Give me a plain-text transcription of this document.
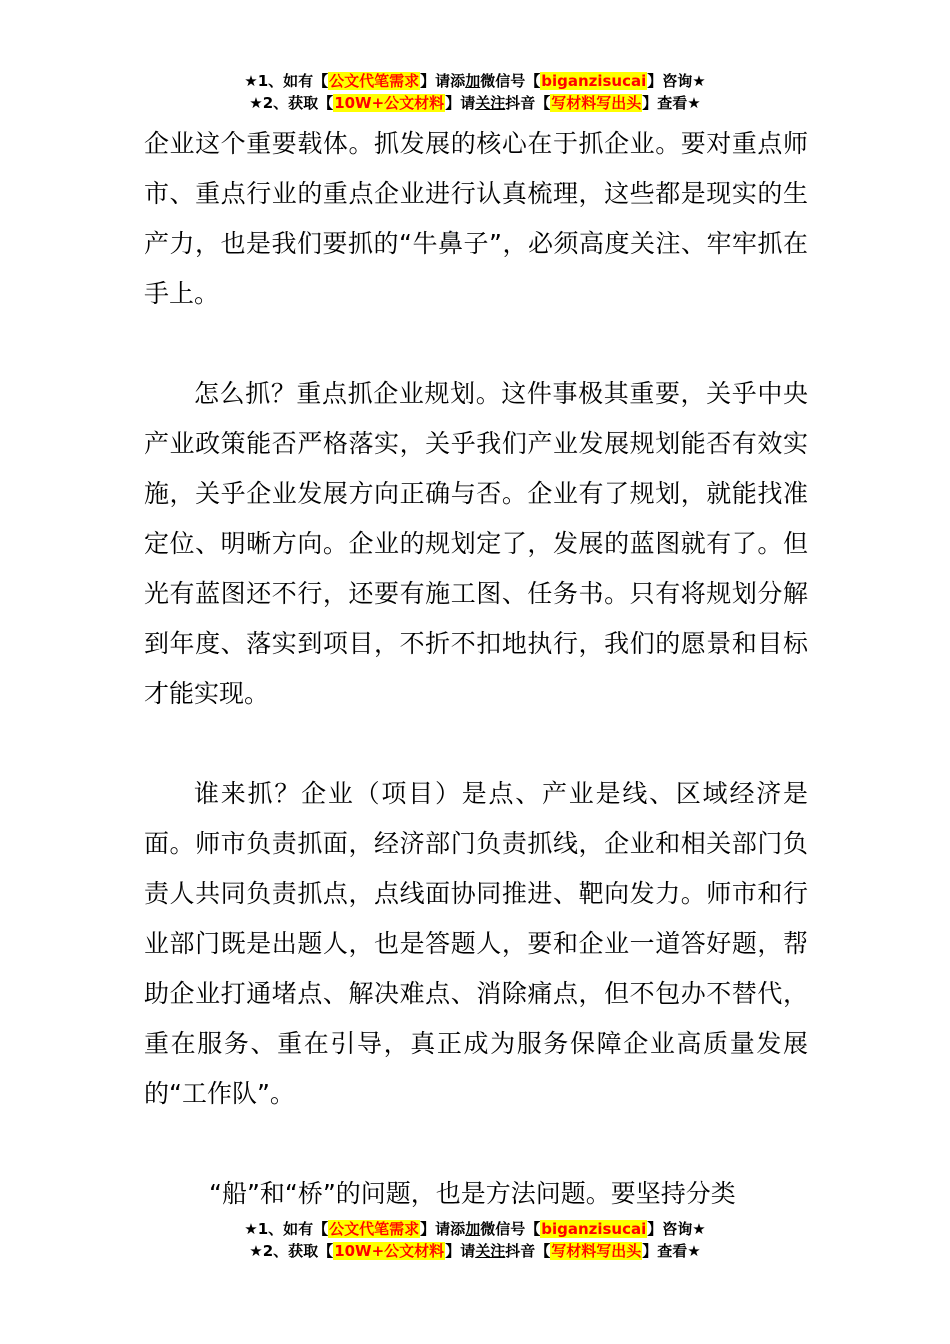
★1、如有【公文代笔需求】请添加微信号【biganzisucai】咨询★
★2、获取【10W+公文材料】请关注抖音【写材料写出头】查看★

企业这个重要载体。抓发展的核心在于抓企业。要对重点师市、重点行业的重点企业进行认真梳理，这些都是现实的生产力，也是我们要抓的“牛鼻子”，必须高度关注、牢牢抓在手上。

怎么抓？重点抓企业规划。这件事极其重要，关乎中央产业政策能否严格落实，关乎我们产业发展规划能否有效实施，关乎企业发展方向正确与否。企业有了规划，就能找准定位、明晰方向。企业的规划定了，发展的蓝图就有了。但光有蓝图还不行，还要有施工图、任务书。只有将规划分解到年度、落实到项目，不折不扣地执行，我们的愿景和目标才能实现。

谁来抓？企业（项目）是点、产业是线、区域经济是面。师市负责抓面，经济部门负责抓线，企业和相关部门负责人共同负责抓点，点线面协同推进、靶向发力。师市和行业部门既是出题人，也是答题人，要和企业一道答好题，帮助企业打通堵点、解决难点、消除痛点，但不包办不替代，重在服务、重在引导，真正成为服务保障企业高质量发展的“工作队”。

“船”和“桥”的问题，也是方法问题。要坚持分类

★1、如有【公文代笔需求】请添加微信号【biganzisucai】咨询★
★2、获取【10W+公文材料】请关注抖音【写材料写出头】查看★
